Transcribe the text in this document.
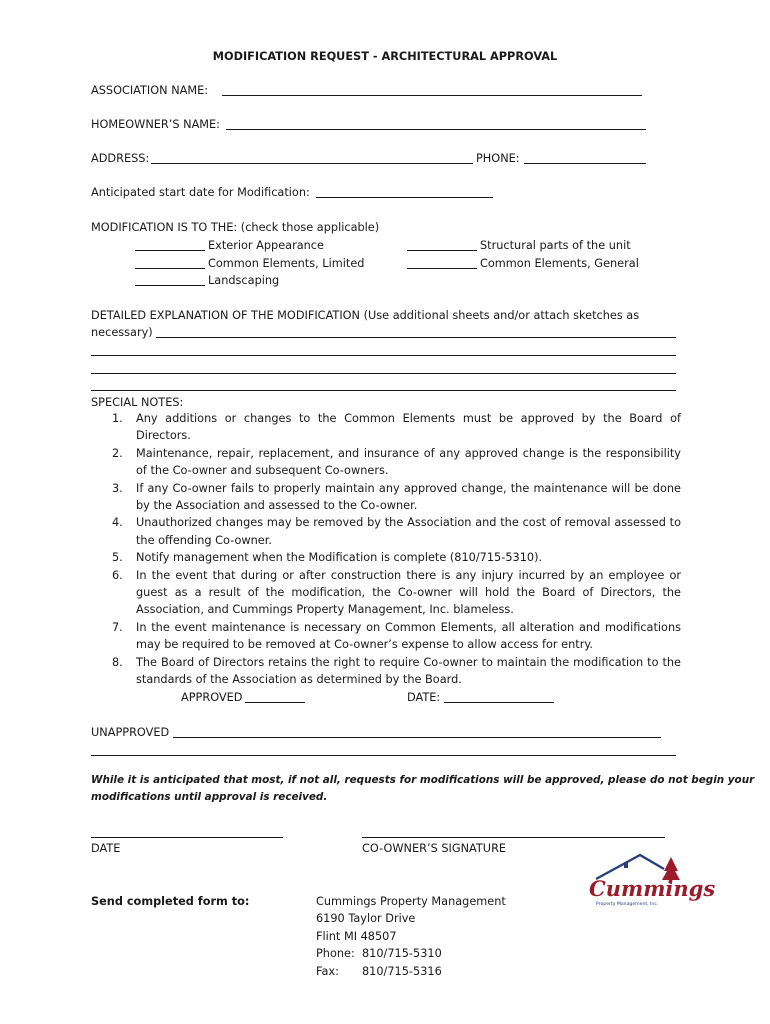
MODIFICATION REQUEST - ARCHITECTURAL APPROVAL
ASSOCIATION NAME:
HOMEOWNER’S NAME:
ADDRESS:	PHONE:
Anticipated start date for Modification:
MODIFICATION IS TO THE: (check those applicable)
Exterior Appearance
Common Elements, Limited
Landscaping
Structural parts of the unit
Common Elements, General
DETAILED EXPLANATION OF THE MODIFICATION (Use additional sheets and/or attach sketches as
necessary)
SPECIAL NOTES:
1. Any additions or changes to the Common Elements must be approved by the Board of Directors.
2. Maintenance, repair, replacement, and insurance of any approved change is the responsibility of the Co-owner and subsequent Co-owners.
3. If any Co-owner fails to properly maintain any approved change, the maintenance will be done by the Association and assessed to the Co-owner.
4. Unauthorized changes may be removed by the Association and the cost of removal assessed to the offending Co-owner.
5. Notify management when the Modification is complete (810/715-5310).
6. In the event that during or after construction there is any injury incurred by an employee or guest as a result of the modification, the Co-owner will hold the Board of Directors, the Association, and Cummings Property Management, Inc. blameless.
7. In the event maintenance is necessary on Common Elements, all alteration and modifications may be required to be removed at Co-owner’s expense to allow access for entry.
8. The Board of Directors retains the right to require Co-owner to maintain the modification to the standards of the Association as determined by the Board.
APPROVED	DATE:
UNAPPROVED
While it is anticipated that most, if not all, requests for modifications will be approved, please do not begin your
modifications until approval is received.
DATE	CO-OWNER’S SIGNATURE
Send completed form to:	Cummings Property Management
6190 Taylor Drive
Flint MI 48507
Phone: 810/715-5310
Fax: 810/715-5316
Cummings
Property Management, Inc.
